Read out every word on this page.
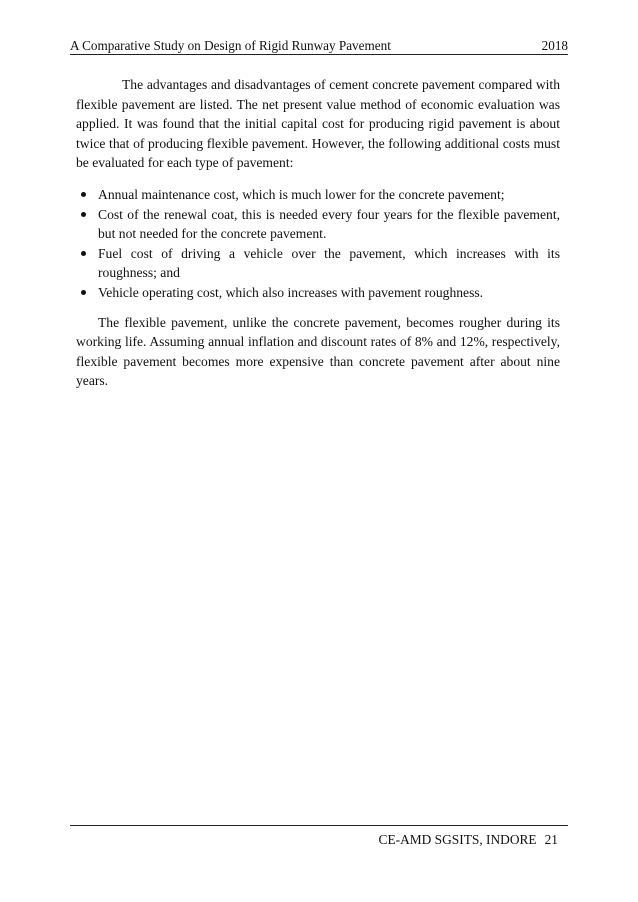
A Comparative Study on Design of Rigid Runway Pavement	2018

The advantages and disadvantages of cement concrete pavement compared with flexible pavement are listed. The net present value method of economic evaluation was applied. It was found that the initial capital cost for producing rigid pavement is about twice that of producing flexible pavement. However, the following additional costs must be evaluated for each type of pavement:

Annual maintenance cost, which is much lower for the concrete pavement;
Cost of the renewal coat, this is needed every four years for the flexible pavement, but not needed for the concrete pavement.
Fuel cost of driving a vehicle over the pavement, which increases with its roughness; and
Vehicle operating cost, which also increases with pavement roughness.

The flexible pavement, unlike the concrete pavement, becomes rougher during its working life. Assuming annual inflation and discount rates of 8% and 12%, respectively, flexible pavement becomes more expensive than concrete pavement after about nine years.

CE-AMD SGSITS, INDORE 21
